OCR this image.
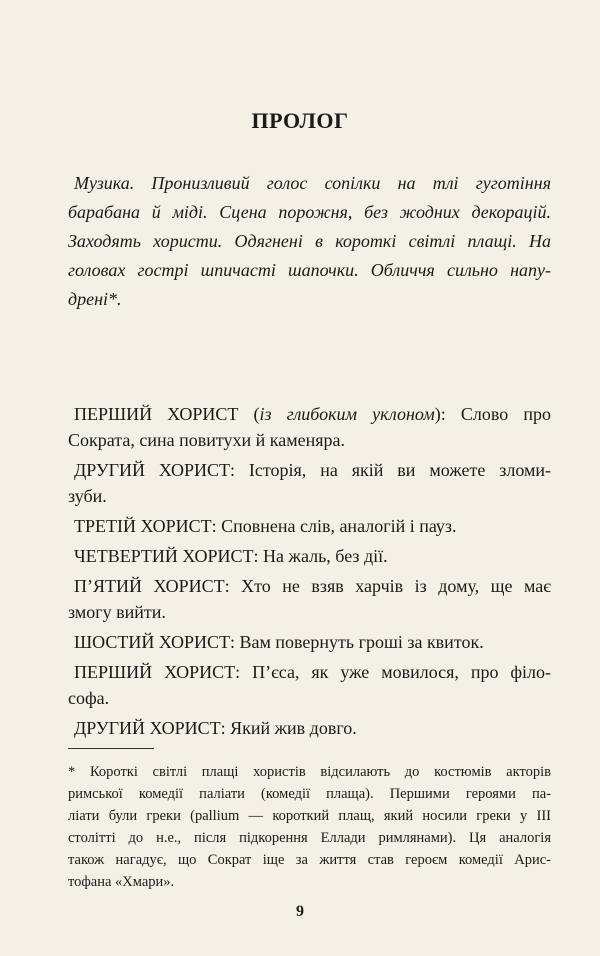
ПРОЛОГ
Музика. Пронизливий голос сопілки на тлі гуготіння
барабана й міді. Сцена порожня, без жодних декорацій.
Заходять хористи. Одягнені в короткі світлі плащі. На
головах гострі шпичасті шапочки. Обличчя сильно напу-
дрені*.
ПЕРШИЙ ХОРИСТ (із глибоким уклоном): Слово про
Сократа, сина повитухи й каменяра.
ДРУГИЙ ХОРИСТ: Історія, на якій ви можете зломи-
зуби.
ТРЕТІЙ ХОРИСТ: Сповнена слів, аналогій і пауз.
ЧЕТВЕРТИЙ ХОРИСТ: На жаль, без дії.
П’ЯТИЙ ХОРИСТ: Хто не взяв харчів із дому, ще має
змогу вийти.
ШОСТИЙ ХОРИСТ: Вам повернуть гроші за квиток.
ПЕРШИЙ ХОРИСТ: П’єса, як уже мовилося, про філо-
софа.
ДРУГИЙ ХОРИСТ: Який жив довго.
* Короткі світлі плащі хористів відсилають до костюмів акторів
римської комедії паліати (комедії плаща). Першими героями па-
ліати були греки (pallium — короткий плащ, який носили греки у III
столітті до н.е., після підкорення Еллади римлянами). Ця аналогія
також нагадує, що Сократ іще за життя став героєм комедії Арис-
тофана «Хмари».
9
